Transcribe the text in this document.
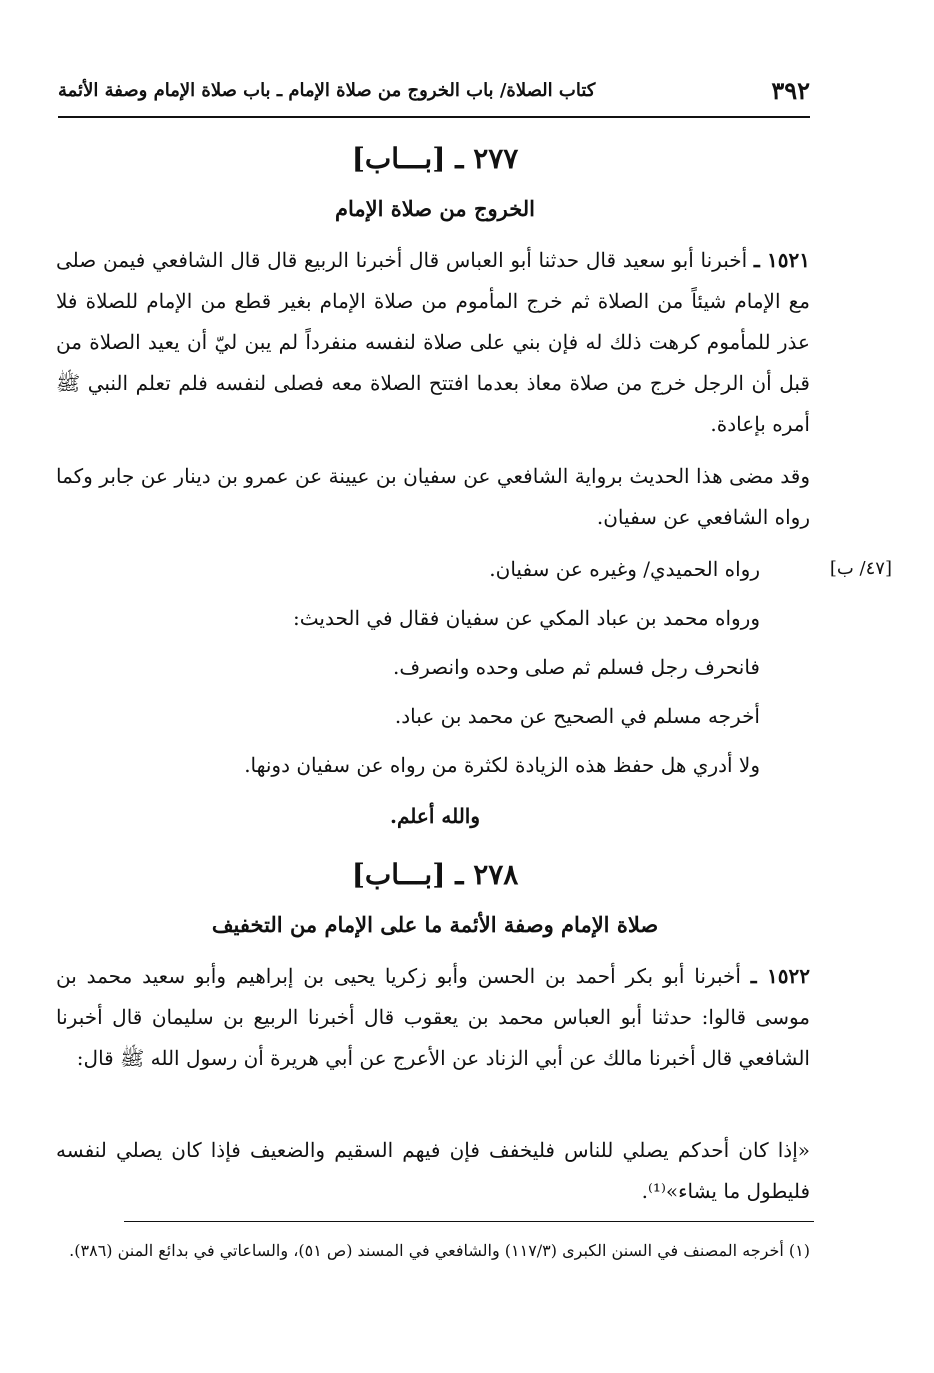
٣٩٢
كتاب الصلاة/ باب الخروج من صلاة الإمام ـ باب صلاة الإمام وصفة الأئمة
٢٧٧ ـ [بـــاب]
الخروج من صلاة الإمام
١٥٢١ ـ أخبرنا أبو سعيد قال حدثنا أبو العباس قال أخبرنا الربيع قال قال الشافعي فيمن صلى مع الإمام شيئاً من الصلاة ثم خرج المأموم من صلاة الإمام بغير قطع من الإمام للصلاة فلا عذر للمأموم كرهت ذلك له فإن بني على صلاة لنفسه منفرداً لم يبن ليّ أن يعيد الصلاة من قبل أن الرجل خرج من صلاة معاذ بعدما افتتح الصلاة معه فصلى لنفسه فلم تعلم النبي ﷺ أمره بإعادة.
وقد مضى هذا الحديث برواية الشافعي عن سفيان بن عيينة عن عمرو بن دينار عن جابر وكما رواه الشافعي عن سفيان.
[٤٧/ ب]
رواه الحميدي/ وغيره عن سفيان.
ورواه محمد بن عباد المكي عن سفيان فقال في الحديث:
فانحرف رجل فسلم ثم صلى وحده وانصرف.
أخرجه مسلم في الصحيح عن محمد بن عباد.
ولا أدري هل حفظ هذه الزيادة لكثرة من رواه عن سفيان دونها.
والله أعلم.
٢٧٨ ـ [بـــاب]
صلاة الإمام وصفة الأئمة ما على الإمام من التخفيف
١٥٢٢ ـ أخبرنا أبو بكر أحمد بن الحسن وأبو زكريا يحيى بن إبراهيم وأبو سعيد محمد بن موسى قالوا: حدثنا أبو العباس محمد بن يعقوب قال أخبرنا الربيع بن سليمان قال أخبرنا الشافعي قال أخبرنا مالك عن أبي الزناد عن الأعرج عن أبي هريرة أن رسول الله ﷺ قال:
«إذا كان أحدكم يصلي للناس فليخفف فإن فيهم السقيم والضعيف فإذا كان يصلي لنفسه فليطول ما يشاء»⁽¹⁾.
(١) أخرجه المصنف في السنن الكبرى (١١٧/٣) والشافعي في المسند (ص ٥١)، والساعاتي في بدائع المنن (٣٨٦).
